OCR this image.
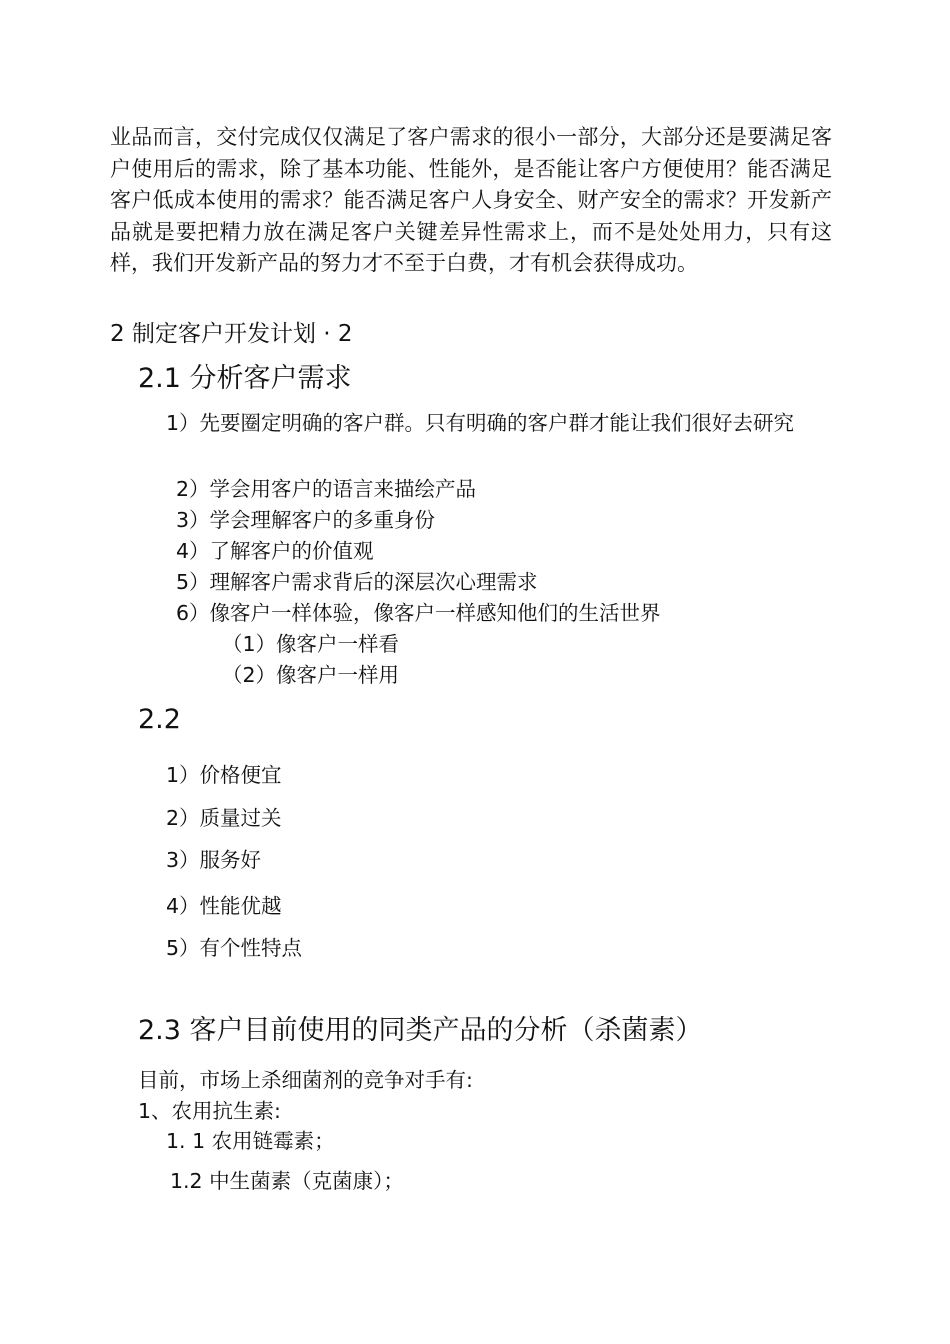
业品而言，交付完成仅仅满足了客户需求的很小一部分，大部分还是要满足客户使用后的需求，除了基本功能、性能外，是否能让客户方便使用？能否满足客户低成本使用的需求？能否满足客户人身安全、财产安全的需求？开发新产品就是要把精力放在满足客户关键差异性需求上，而不是处处用力，只有这样，我们开发新产品的努力才不至于白费，才有机会获得成功。
2 制定客户开发计划 · 2
2.1 分析客户需求
1）先要圈定明确的客户群。只有明确的客户群才能让我们很好去研究
2）学会用客户的语言来描绘产品
3）学会理解客户的多重身份
4）了解客户的价值观
5）理解客户需求背后的深层次心理需求
6）像客户一样体验，像客户一样感知他们的生活世界
（1）像客户一样看
（2）像客户一样用
2.2
1）价格便宜
2）质量过关
3）服务好
4）性能优越
5）有个性特点
2.3 客户目前使用的同类产品的分析（杀菌素）
目前，市场上杀细菌剂的竞争对手有:
1、农用抗生素:
1. 1 农用链霉素；
1.2 中生菌素（克菌康）；
